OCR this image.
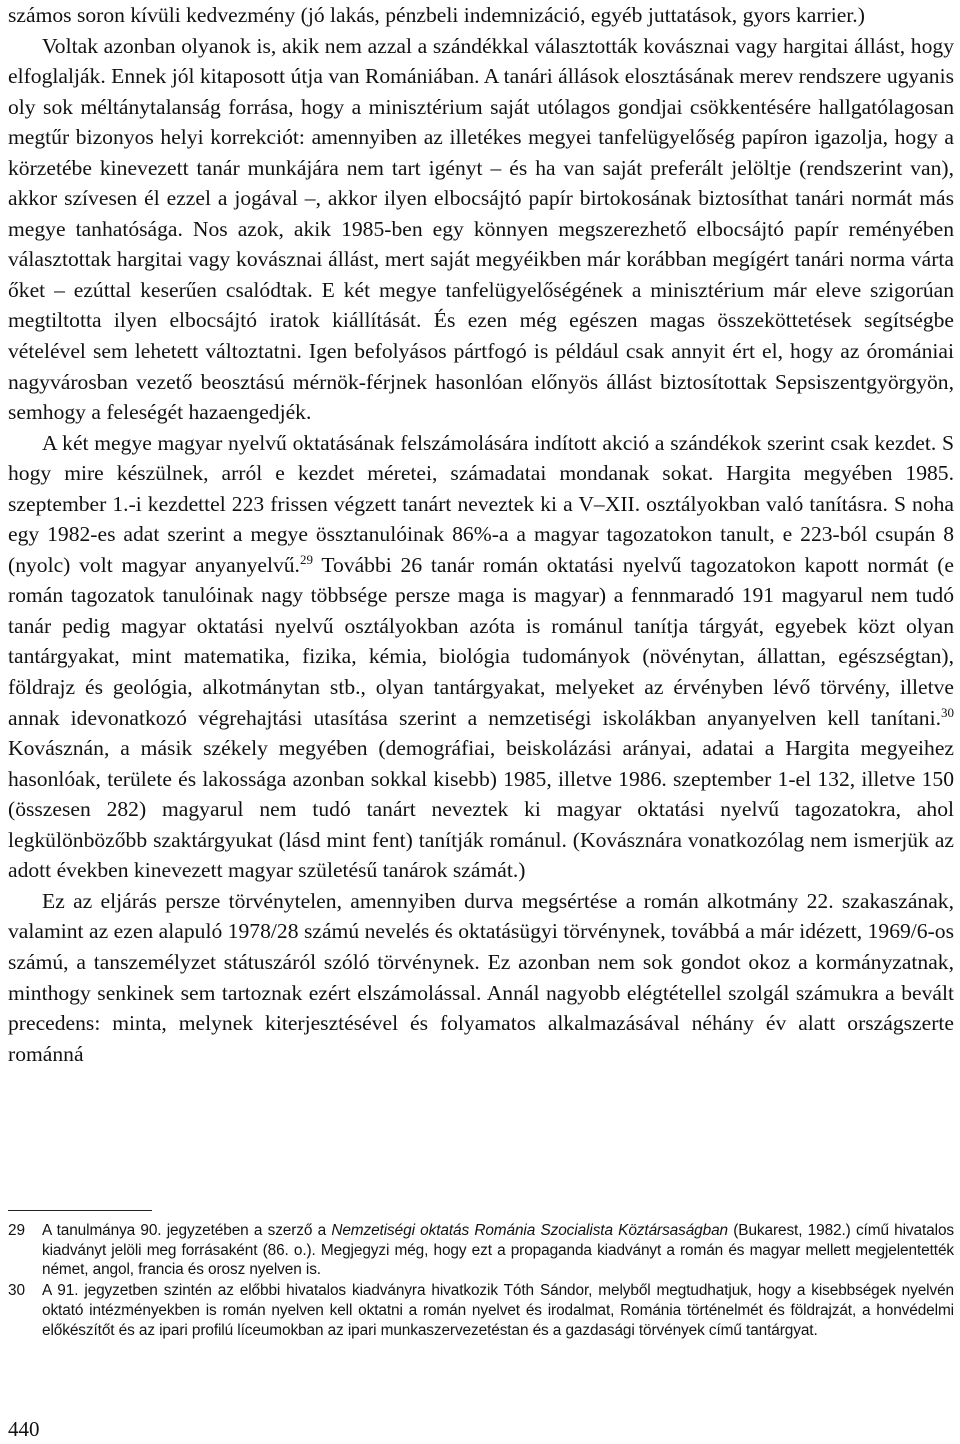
számos soron kívüli kedvezmény (jó lakás, pénzbeli indemnizáció, egyéb juttatások, gyors karrier.)

Voltak azonban olyanok is, akik nem azzal a szándékkal választották kovásznai vagy hargitai állást, hogy elfoglalják. Ennek jól kitaposott útja van Romániában. A tanári állások elosztásának merev rendszere ugyanis oly sok méltánytalanság forrása, hogy a minisztérium saját utólagos gondjai csökkentésére hallgatólagosan megtűr bizonyos helyi korrekciót: amennyiben az illetékes megyei tanfelügyelőség papíron igazolja, hogy a körzetébe kinevezett tanár munkájára nem tart igényt – és ha van saját preferált jelöltje (rendszerint van), akkor szívesen él ezzel a jogával –, akkor ilyen elbocsájtó papír birtokosának biztosíthat tanári normát más megye tanhatósága. Nos azok, akik 1985-ben egy könnyen megszerezhető elbocsájtó papír reményében választottak hargitai vagy kovásznai állást, mert saját megyéikben már korábban megígért tanári norma várta őket – ezúttal keserűen csalódtak. E két megye tanfelügyelőségének a minisztérium már eleve szigorúan megtiltotta ilyen elbocsájtó iratok kiállítását. És ezen még egészen magas összeköttetések segítségbe vételével sem lehetett változtatni. Igen befolyásos pártfogó is például csak annyit ért el, hogy az óromániai nagyvárosban vezető beosztású mérnök-férjnek hasonlóan előnyös állást biztosítottak Sepsiszentgyörgyön, semhogy a feleségét hazaengedjék.

A két megye magyar nyelvű oktatásának felszámolására indított akció a szándékok szerint csak kezdet. S hogy mire készülnek, arról e kezdet méretei, számadatai mondanak sokat. Hargita megyében 1985. szeptember 1.-i kezdettel 223 frissen végzett tanárt neveztek ki a V–XII. osztályokban való tanításra. S noha egy 1982-es adat szerint a megye össztanulóinak 86%-a a magyar tagozatokon tanult, e 223-ból csupán 8 (nyolc) volt magyar anyanyelvű.$^{29}$ További 26 tanár román oktatási nyelvű tagozatokon kapott normát (e román tagozatok tanulóinak nagy többsége persze maga is magyar) a fennmaradó 191 magyarul nem tudó tanár pedig magyar oktatási nyelvű osztályokban azóta is románul tanítja tárgyát, egyebek közt olyan tantárgyakat, mint matematika, fizika, kémia, biológia tudományok (növénytan, állattan, egészségtan), földrajz és geológia, alkotmánytan stb., olyan tantárgyakat, melyeket az érvényben lévő törvény, illetve annak idevonatkozó végrehajtási utasítása szerint a nemzetiségi iskolákban anyanyelven kell tanítani.$^{30}$ Kovásznán, a másik székely megyében (demográfiai, beiskolázási arányai, adatai a Hargita megyeihez hasonlóak, területe és lakossága azonban sokkal kisebb) 1985, illetve 1986. szeptember 1-el 132, illetve 150 (összesen 282) magyarul nem tudó tanárt neveztek ki magyar oktatási nyelvű tagozatokra, ahol legkülönbözőbb szaktárgyukat (lásd mint fent) tanítják románul. (Kovásznára vonatkozólag nem ismerjük az adott években kinevezett magyar születésű tanárok számát.)

Ez az eljárás persze törvénytelen, amennyiben durva megsértése a román alkotmány 22. szakaszának, valamint az ezen alapuló 1978/28 számú nevelés és oktatásügyi törvénynek, továbbá a már idézett, 1969/6-os számú, a tanszemélyzet státuszáról szóló törvénynek. Ez azonban nem sok gondot okoz a kormányzatnak, minthogy senkinek sem tartoznak ezért elszámolással. Annál nagyobb elégtétellel szolgál számukra a bevált precedens: minta, melynek kiterjesztésével és folyamatos alkalmazásával néhány év alatt országszerte románná

29	A tanulmánya 90. jegyzetében a szerző a Nemzetiségi oktatás Románia Szocialista Köztársaságban (Bukarest, 1982.) című hivatalos kiadványt jelöli meg forrásaként (86. o.). Megjegyzi még, hogy ezt a propaganda kiadványt a román és magyar mellett megjelentették német, angol, francia és orosz nyelven is.
30	A 91. jegyzetben szintén az előbbi hivatalos kiadványra hivatkozik Tóth Sándor, melyből megtudhatjuk, hogy a kisebbségek nyelvén oktató intézményekben is román nyelven kell oktatni a román nyelvet és irodalmat, Románia történelmét és földrajzát, a honvédelmi előkészítőt és az ipari profilú líceumokban az ipari munkaszervezetéstan és a gazdasági törvények című tantárgyat.
440
